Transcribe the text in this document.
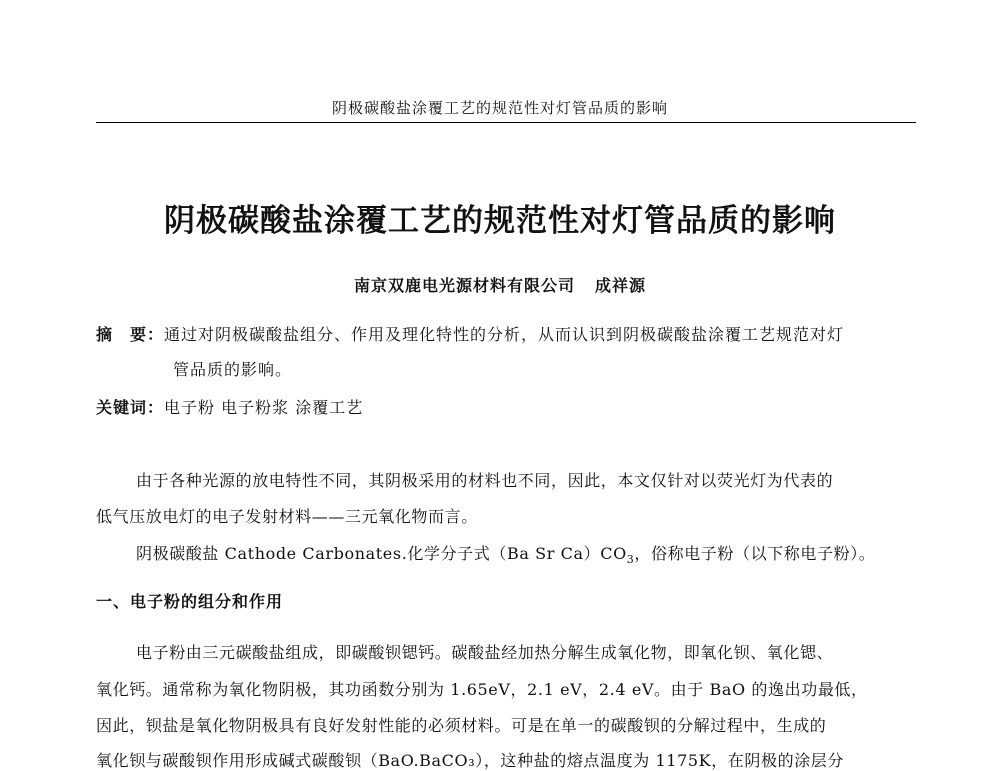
阴极碳酸盐涂覆工艺的规范性对灯管品质的影响
阴极碳酸盐涂覆工艺的规范性对灯管品质的影响
南京双鹿电光源材料有限公司 成祥源
摘　要：通过对阴极碳酸盐组分、作用及理化特性的分析，从而认识到阴极碳酸盐涂覆工艺规范对灯
管品质的影响。
关键词：电子粉 电子粉浆 涂覆工艺
由于各种光源的放电特性不同，其阴极采用的材料也不同，因此，本文仅针对以荧光灯为代表的
低气压放电灯的电子发射材料——三元氧化物而言。
阴极碳酸盐 Cathode Carbonates.化学分子式（Ba Sr $Ca)CO_3$，俗称电子粉（以下称电子粉）。
一、电子粉的组分和作用
电子粉由三元碳酸盐组成，即碳酸钡锶钙。碳酸盐经加热分解生成氧化物，即氧化钡、氧化锶、
氧化钙。通常称为氧化物阴极，其功函数分别为 1.65eV，2.1 eV，2.4 eV。由于 BaO 的逸出功最低，
因此，钡盐是氧化物阴极具有良好发射性能的必须材料。可是在单一的碳酸钡的分解过程中，生成的
氧化钡与碳酸钡作用形成碱式碳酸钡（BaO.BaCO₃），这种盐的熔点温度为 1175K，在阴极的涂层分
